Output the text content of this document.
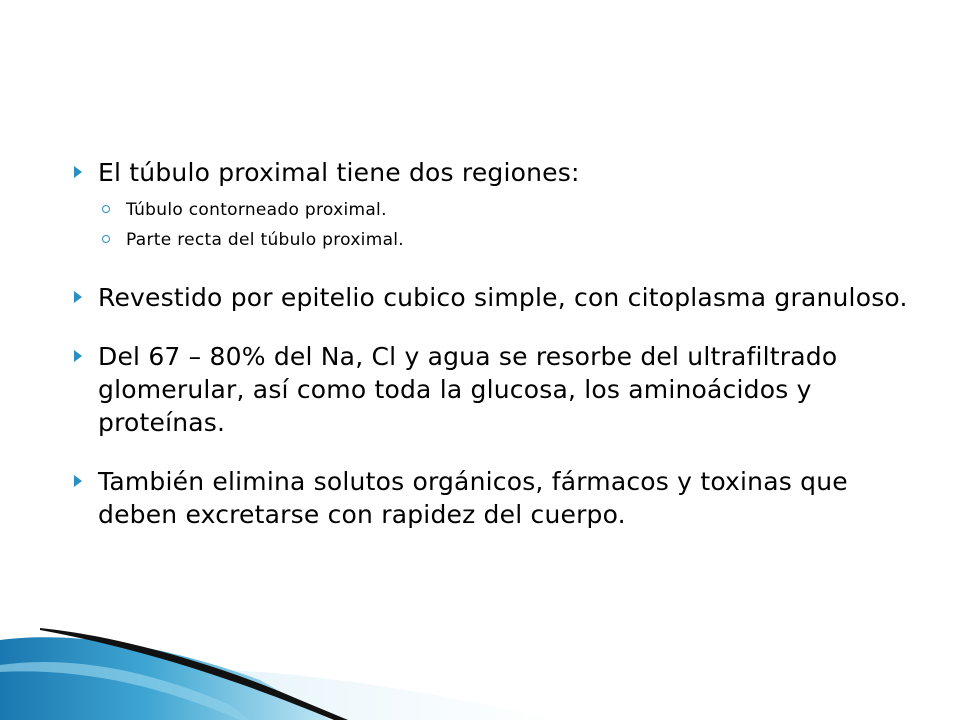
El túbulo proximal tiene dos regiones:
Túbulo contorneado proximal.
Parte recta del túbulo proximal.
Revestido por epitelio cubico simple, con citoplasma granuloso.
Del 67 – 80% del Na, Cl y agua se resorbe del ultrafiltrado glomerular, así como toda la glucosa, los aminoácidos y proteínas.
También elimina solutos orgánicos, fármacos y toxinas que deben excretarse con rapidez del cuerpo.
